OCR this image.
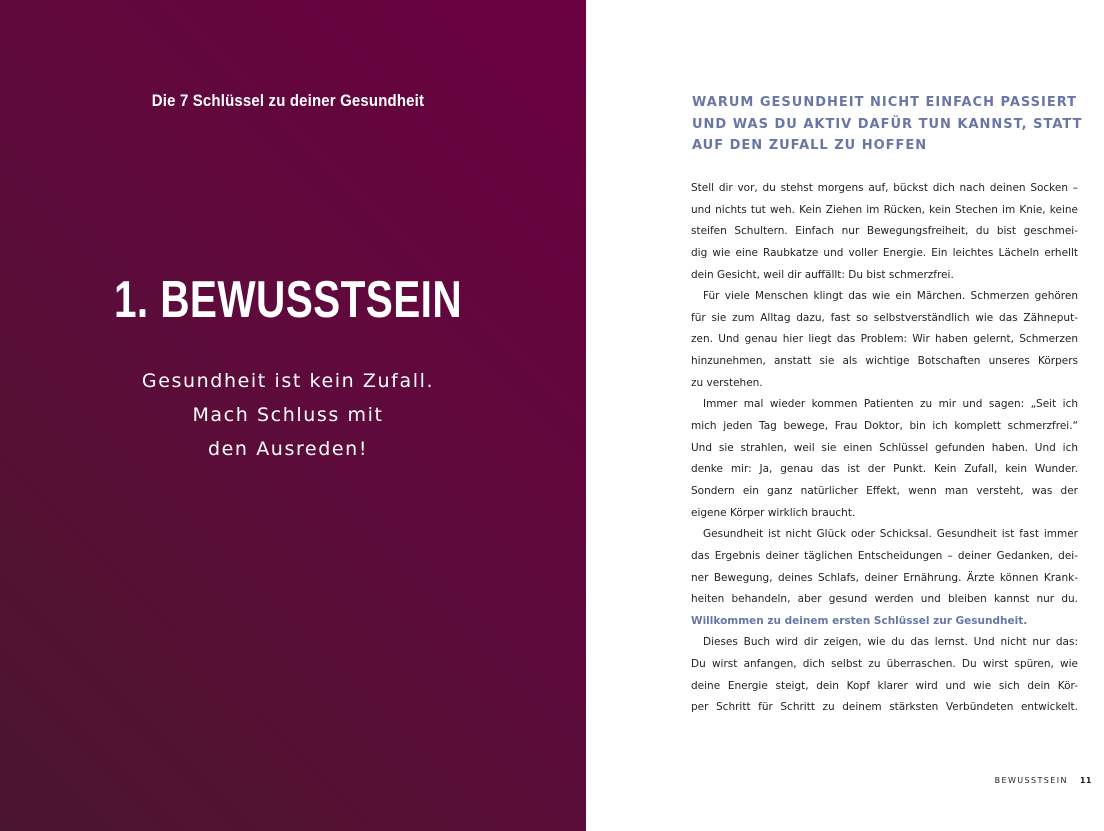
Die 7 Schlüssel zu deiner Gesundheit
1. BEWUSSTSEIN
Gesundheit ist kein Zufall.
Mach Schluss mit
den Ausreden!
WARUM GESUNDHEIT NICHT EINFACH PASSIERT
UND WAS DU AKTIV DAFÜR TUN KANNST, STATT
AUF DEN ZUFALL ZU HOFFEN
Stell dir vor, du stehst morgens auf, bückst dich nach deinen Socken –
und nichts tut weh. Kein Ziehen im Rücken, kein Stechen im Knie, keine
steifen Schultern. Einfach nur Bewegungsfreiheit, du bist geschmei-
dig wie eine Raubkatze und voller Energie. Ein leichtes Lächeln erhellt
dein Gesicht, weil dir auffällt: Du bist schmerzfrei.
Für viele Menschen klingt das wie ein Märchen. Schmerzen gehören
für sie zum Alltag dazu, fast so selbstverständlich wie das Zähneput-
zen. Und genau hier liegt das Problem: Wir haben gelernt, Schmerzen
hinzunehmen, anstatt sie als wichtige Botschaften unseres Körpers
zu verstehen.
Immer mal wieder kommen Patienten zu mir und sagen: „Seit ich
mich jeden Tag bewege, Frau Doktor, bin ich komplett schmerzfrei.“
Und sie strahlen, weil sie einen Schlüssel gefunden haben. Und ich
denke mir: Ja, genau das ist der Punkt. Kein Zufall, kein Wunder.
Sondern ein ganz natürlicher Effekt, wenn man versteht, was der
eigene Körper wirklich braucht.
Gesundheit ist nicht Glück oder Schicksal. Gesundheit ist fast immer
das Ergebnis deiner täglichen Entscheidungen – deiner Gedanken, dei-
ner Bewegung, deines Schlafs, deiner Ernährung. Ärzte können Krank-
heiten behandeln, aber gesund werden und bleiben kannst nur du.
Willkommen zu deinem ersten Schlüssel zur Gesundheit.
Dieses Buch wird dir zeigen, wie du das lernst. Und nicht nur das:
Du wirst anfangen, dich selbst zu überraschen. Du wirst spüren, wie
deine Energie steigt, dein Kopf klarer wird und wie sich dein Kör-
per Schritt für Schritt zu deinem stärksten Verbündeten entwickelt.
BEWUSSTSEIN 11
